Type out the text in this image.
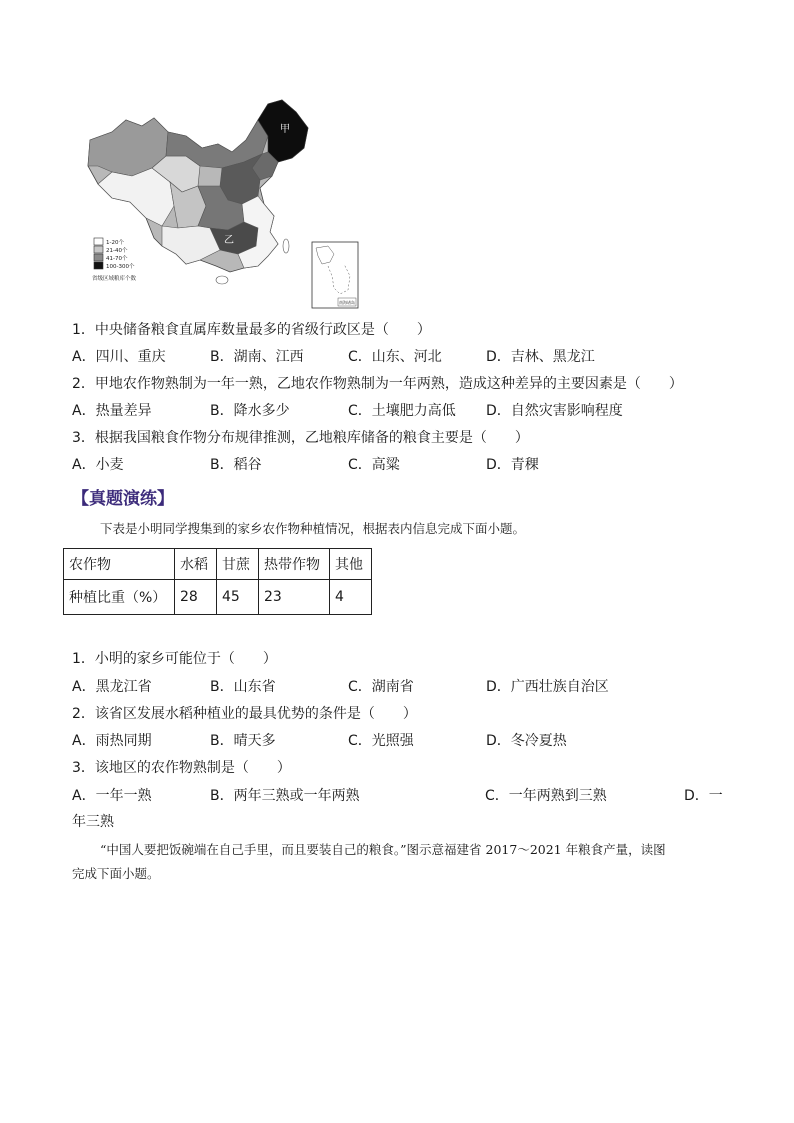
甲
乙
1-20个
21-40个
41-70个
100-300个
省级区域粮库个数
南海诸岛
1．中央储备粮食直属库数量最多的省级行政区是（　　）
A．四川、重庆	B．湖南、江西	C．山东、河北	D．吉林、黑龙江
2．甲地农作物熟制为一年一熟，乙地农作物熟制为一年两熟，造成这种差异的主要因素是（　　）
A．热量差异	B．降水多少	C．土壤肥力高低 D．自然灾害影响程度
3．根据我国粮食作物分布规律推测，乙地粮库储备的粮食主要是（　　）
A．小麦	B．稻谷	C．高粱	D．青稞
【真题演练】
下表是小明同学搜集到的家乡农作物种植情况，根据表内信息完成下面小题。
农作物	水稻	甘蔗	热带作物	其他
种植比重（%）	28	45	23	4
1．小明的家乡可能位于（　　）
A．黑龙江省	B．山东省	C．湖南省	D．广西壮族自治区
2．该省区发展水稻种植业的最具优势的条件是（　　）
A．雨热同期	B．晴天多	C．光照强	D．冬冷夏热
3．该地区的农作物熟制是（　　）
A．一年一熟	B．两年三熟或一年两熟	C．一年两熟到三熟	D．一
年三熟
“中国人要把饭碗端在自己手里，而且要装自己的粮食。”图示意福建省 2017～2021 年粮食产量，读图
完成下面小题。
